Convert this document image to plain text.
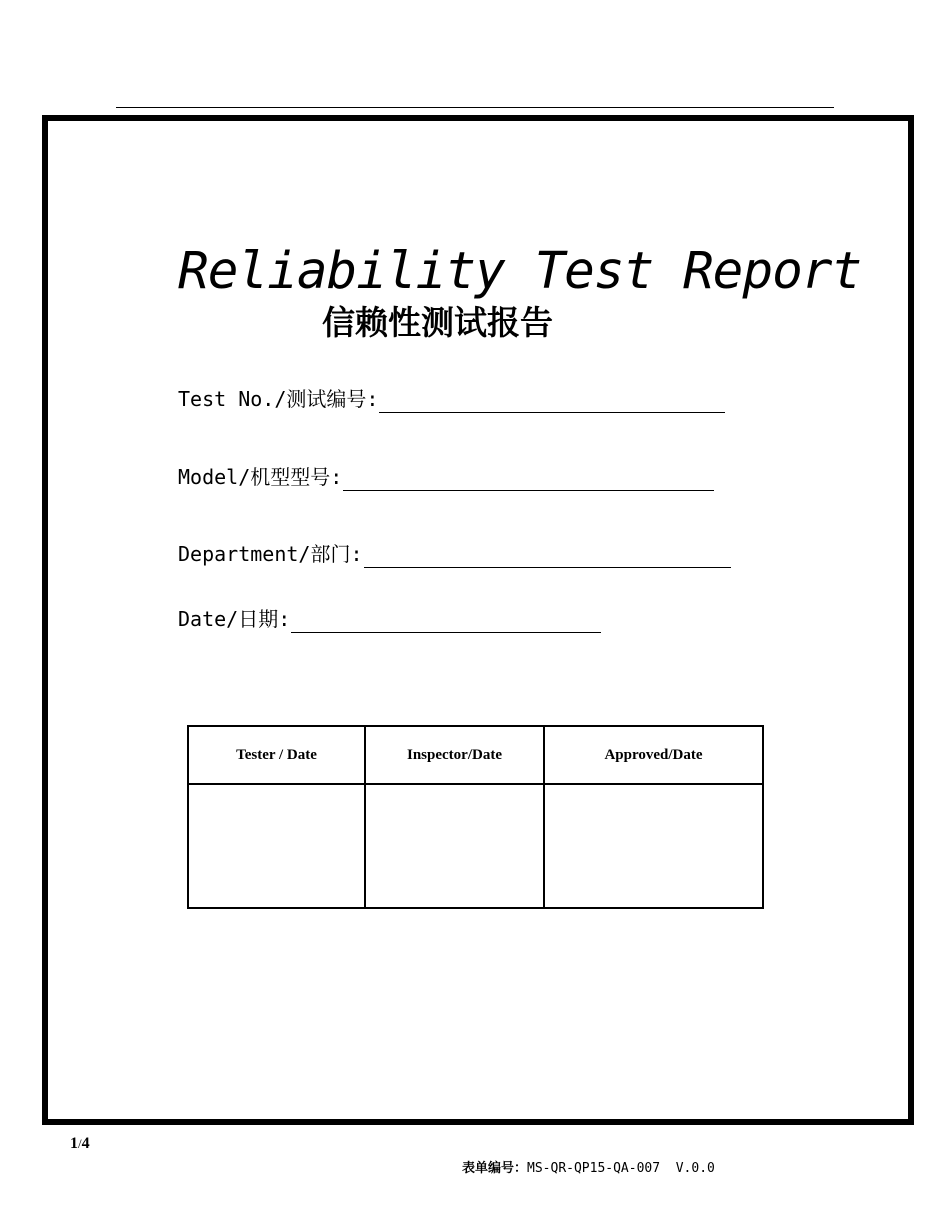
Reliability Test Report
信赖性测试报告
Test No./测试编号:
Model/机型型号:
Department/部门:
Date/日期:
Tester / Date	Inspector/Date	Approved/Date

1/4
表单编号：MS-QR-QP15-QA-007  V.0.0
